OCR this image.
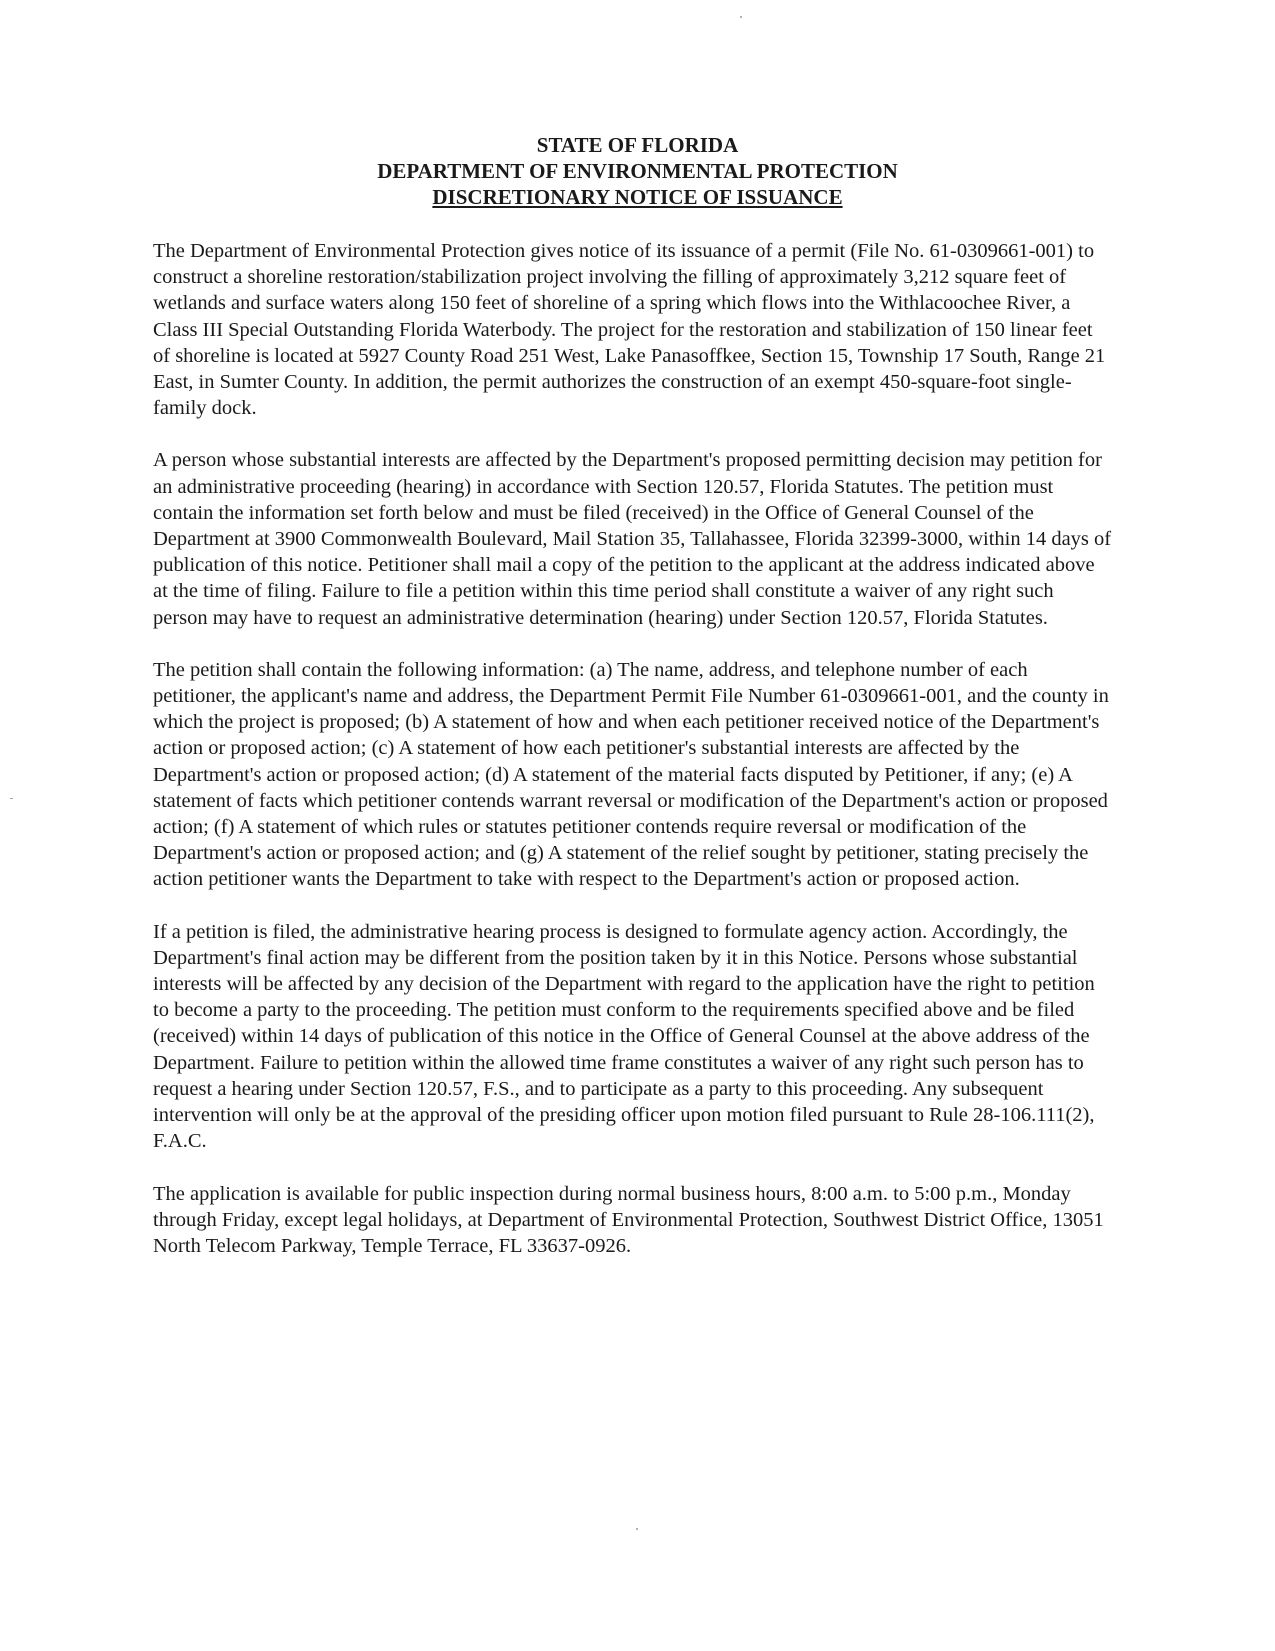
STATE OF FLORIDA
DEPARTMENT OF ENVIRONMENTAL PROTECTION
DISCRETIONARY NOTICE OF ISSUANCE

The Department of Environmental Protection gives notice of its issuance of a permit (File No. 61-0309661-001) to construct a shoreline restoration/stabilization project involving the filling of approximately 3,212 square feet of wetlands and surface waters along 150 feet of shoreline of a spring which flows into the Withlacoochee River, a Class III Special Outstanding Florida Waterbody. The project for the restoration and stabilization of 150 linear feet of shoreline is located at 5927 County Road 251 West, Lake Panasoffkee, Section 15, Township 17 South, Range 21 East, in Sumter County. In addition, the permit authorizes the construction of an exempt 450-square-foot single-family dock.

A person whose substantial interests are affected by the Department's proposed permitting decision may petition for an administrative proceeding (hearing) in accordance with Section 120.57, Florida Statutes. The petition must contain the information set forth below and must be filed (received) in the Office of General Counsel of the Department at 3900 Commonwealth Boulevard, Mail Station 35, Tallahassee, Florida 32399-3000, within 14 days of publication of this notice. Petitioner shall mail a copy of the petition to the applicant at the address indicated above at the time of filing. Failure to file a petition within this time period shall constitute a waiver of any right such person may have to request an administrative determination (hearing) under Section 120.57, Florida Statutes.

The petition shall contain the following information: (a) The name, address, and telephone number of each petitioner, the applicant's name and address, the Department Permit File Number 61-0309661-001, and the county in which the project is proposed; (b) A statement of how and when each petitioner received notice of the Department's action or proposed action; (c) A statement of how each petitioner's substantial interests are affected by the Department's action or proposed action; (d) A statement of the material facts disputed by Petitioner, if any; (e) A statement of facts which petitioner contends warrant reversal or modification of the Department's action or proposed action; (f) A statement of which rules or statutes petitioner contends require reversal or modification of the Department's action or proposed action; and (g) A statement of the relief sought by petitioner, stating precisely the action petitioner wants the Department to take with respect to the Department's action or proposed action.

If a petition is filed, the administrative hearing process is designed to formulate agency action. Accordingly, the Department's final action may be different from the position taken by it in this Notice. Persons whose substantial interests will be affected by any decision of the Department with regard to the application have the right to petition to become a party to the proceeding. The petition must conform to the requirements specified above and be filed (received) within 14 days of publication of this notice in the Office of General Counsel at the above address of the Department. Failure to petition within the allowed time frame constitutes a waiver of any right such person has to request a hearing under Section 120.57, F.S., and to participate as a party to this proceeding. Any subsequent intervention will only be at the approval of the presiding officer upon motion filed pursuant to Rule 28-106.111(2), F.A.C.

The application is available for public inspection during normal business hours, 8:00 a.m. to 5:00 p.m., Monday through Friday, except legal holidays, at Department of Environmental Protection, Southwest District Office, 13051 North Telecom Parkway, Temple Terrace, FL 33637-0926.
